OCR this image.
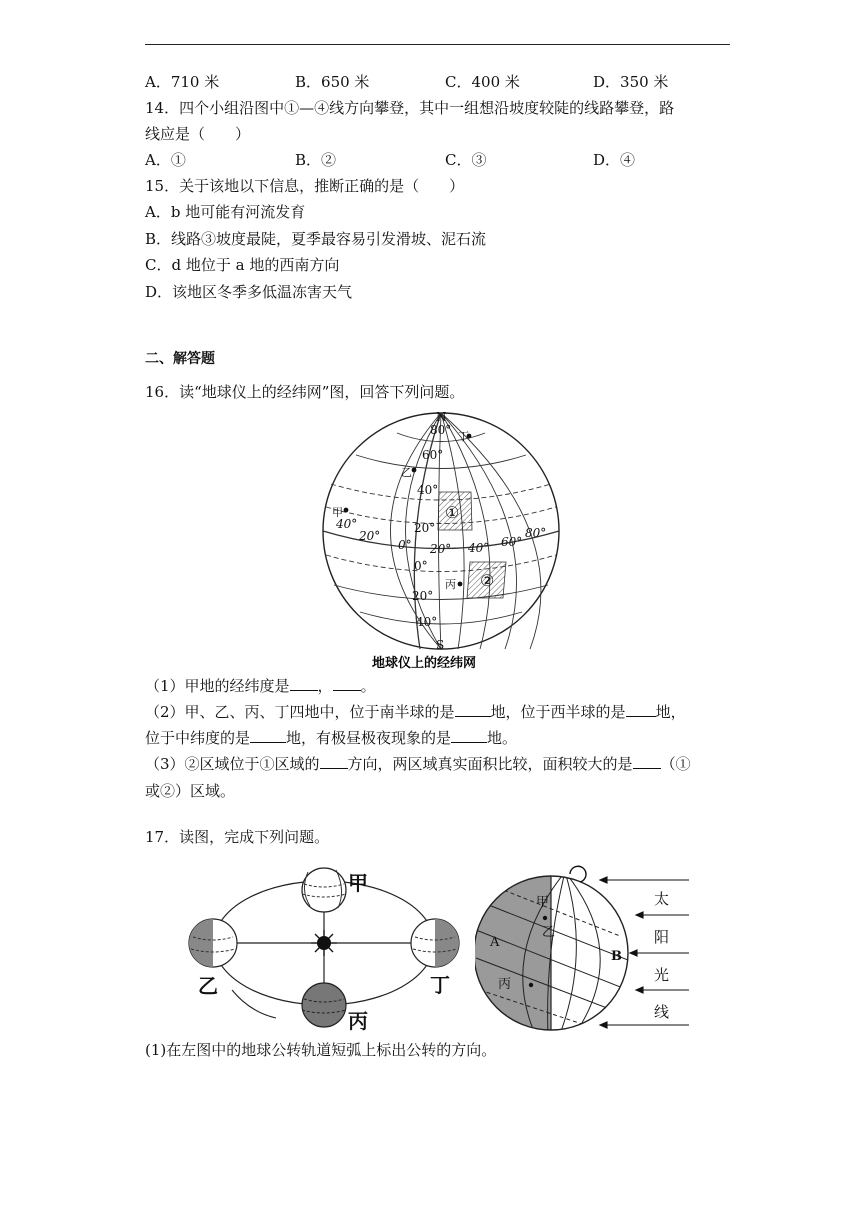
A．710 米	B．650 米	C．400 米	D．350 米
14．四个小组沿图中①—④线方向攀登，其中一组想沿坡度较陡的线路攀登，路
线应是（　　）
A．①	B．②	C．③	D．④
15．关于该地以下信息，推断正确的是（　　）
A．b 地可能有河流发育
B．线路③坡度最陡，夏季最容易引发滑坡、泥石流
C．d 地位于 a 地的西南方向
D．该地区冬季多低温冻害天气
二、解答题
16．读“地球仪上的经纬网”图，回答下列问题。
N
S
80°
60°
40°
20°
0°
20°
40°
40°
20°
0° 20° 40° 60°
80°
甲
乙
丙
丁
①
②
地球仪上的经纬网
（1）甲地的经纬度是 ， 。
（2）甲、乙、丙、丁四地中，位于南半球的是 地，位于西半球的是 地，
位于中纬度的是 地，有极昼极夜现象的是 地。
（3）②区域位于①区域的 方向，两区域真实面积比较，面积较大的是 （①
或②）区域。
17．读图，完成下列问题。
甲
乙
丙
丁
甲
乙
丙
A
B
太
阳
光
线
(1)在左图中的地球公转轨道短弧上标出公转的方向。
